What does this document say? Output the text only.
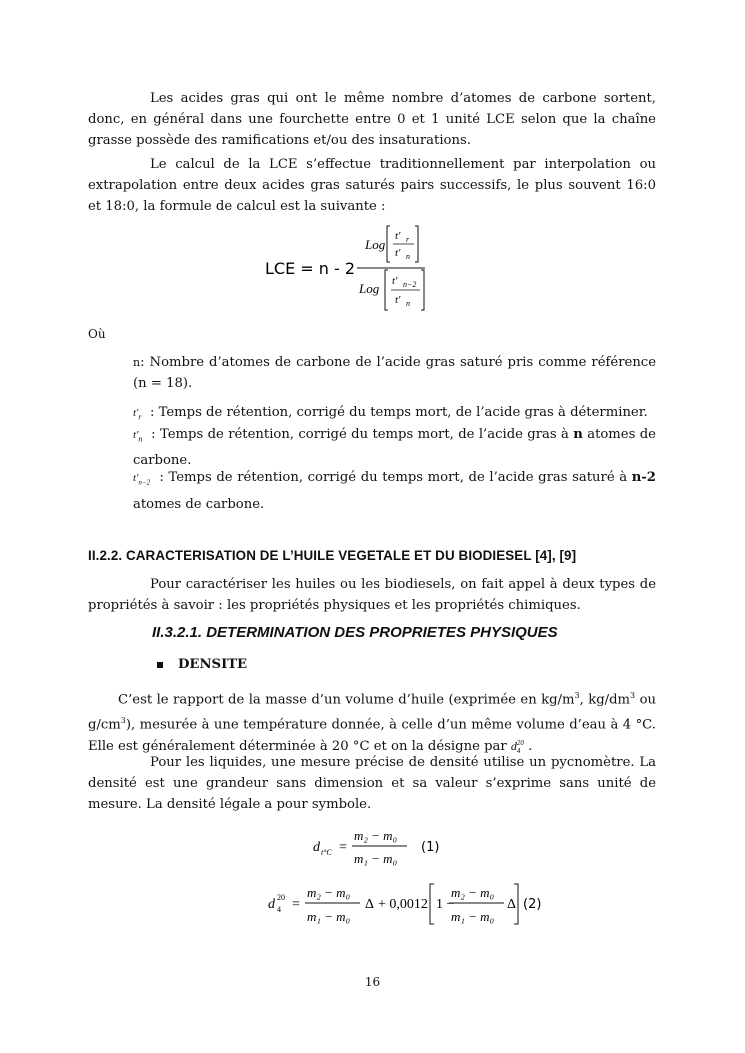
Les acides gras qui ont le même nombre d’atomes de carbone sortent, donc, en général dans une fourchette entre 0 et 1 unité LCE selon que la chaîne grasse possède des ramifications et/ou des insaturations.
Le calcul de la LCE s’effectue traditionnellement par interpolation ou extrapolation entre deux acides gras saturés pairs successifs, le plus souvent 16:0 et 18:0, la formule de calcul est la suivante :
LCE = n - 2
Log
t' r
t' n
Log t' n−2
t' n
Où
n: Nombre d’atomes de carbone de l’acide gras saturé pris comme référence (n = 18).
$t'_r$ : Temps de rétention, corrigé du temps mort, de l’acide gras à déterminer.
$t'_n$ : Temps de rétention, corrigé du temps mort, de l’acide gras à n atomes de carbone.
$t'_{n-2}$ : Temps de rétention, corrigé du temps mort, de l’acide gras saturé à n-2 atomes de carbone.
II.2.2. CARACTERISATION DE L’HUILE VEGETALE ET DU BIODIESEL [4], [9]
Pour caractériser les huiles ou les biodiesels, on fait appel à deux types de propriétés à savoir : les propriétés physiques et les propriétés chimiques.
II.3.2.1. DETERMINATION DES PROPRIETES PHYSIQUES
DENSITE
C’est le rapport de la masse d’un volume d’huile (exprimée en $kg/m^3$, $kg/dm^3$ ou $g/cm^3$), mesurée à une température donnée, à celle d’un même volume d’eau à 4 °C. Elle est généralement déterminée à 20 °C et on la désigne par d 20
4 .
Pour les liquides, une mesure précise de densité utilise un pycnomètre. La densité est une grandeur sans dimension et sa valeur s’exprime sans unité de mesure. La densité légale a pour symbole.
d t°C =
m₂ − m₀
m₁ − m₀
(1)
d 20
4 =
m₂ − m₀
m₁ − m₀
Δ + 0,0012 1 −
m₂ − m₀
m₁ − m₀
Δ (2)
16
